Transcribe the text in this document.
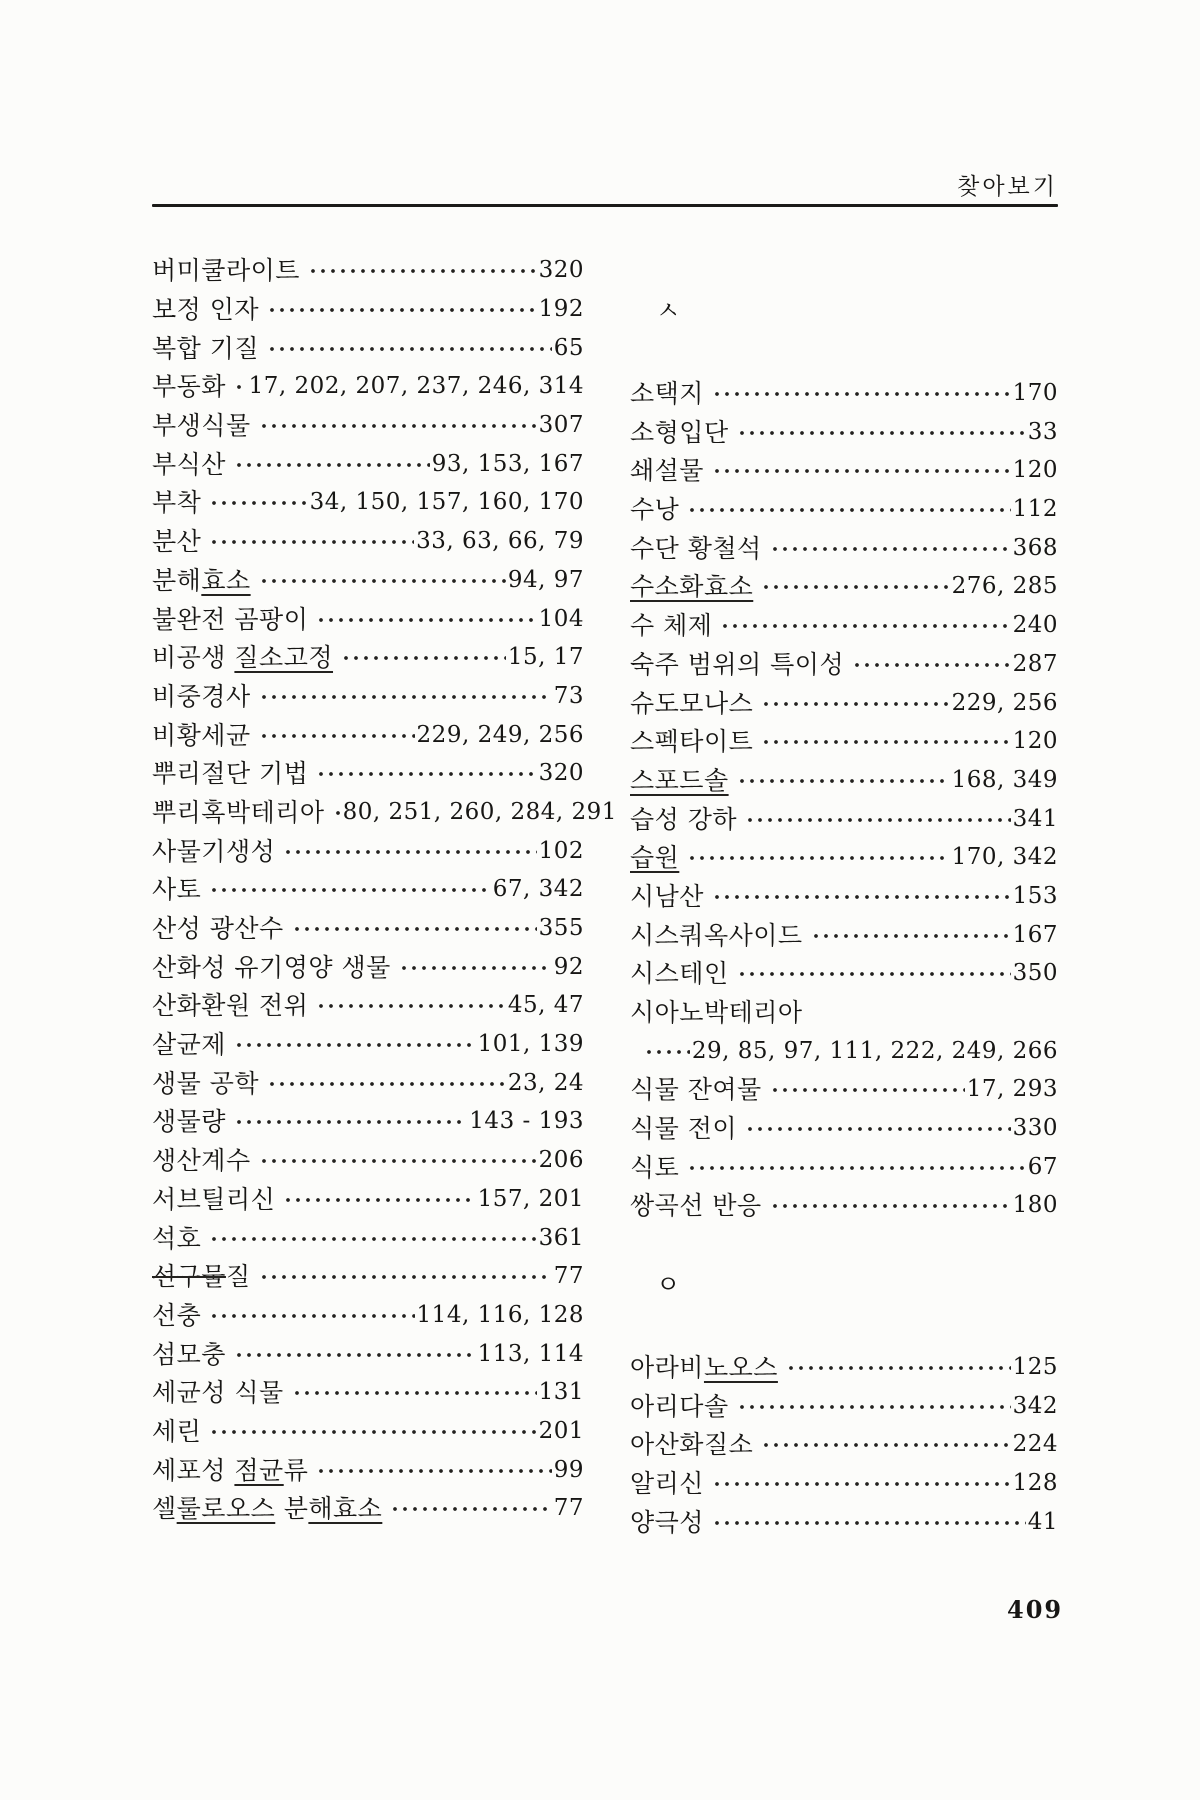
찾아보기
버미쿨라이트	320
보정 인자	192
복합 기질	65
부동화 17, 202, 207, 237, 246, 314
부생식물	307
부식산	93, 153, 167
부착	34, 150, 157, 160, 170
분산	33, 63, 66, 79
분해효소	94, 97
불완전 곰팡이	104
비공생 질소고정	15, 17
비중경사	73
비황세균	229, 249, 256
뿌리절단 기법	320
뿌리혹박테리아 80, 251, 260, 284, 291
사물기생성	102
사토	67, 342
산성 광산수	355
산화성 유기영양 생물	92
산화환원 전위	45, 47
살균제	101, 139
생물 공학	23, 24
생물량	143 - 193
생산계수	206
서브틸리신	157, 201
석호	361
선구물질	77
선충	114, 116, 128
섬모충	113, 114
세균성 식물	131
세린	201
세포성 점균류	99
셀룰로오스 분해효소	77
ㅅ
소택지	170
소형입단	33
쇄설물	120
수낭	112
수단 황철석	368
수소화효소	276, 285
수 체제	240
숙주 범위의 특이성	287
슈도모나스	229, 256
스펙타이트	120
스포드솔	168, 349
습성 강하	341
습원	170, 342
시남산	153
시스쿼옥사이드	167
시스테인	350
시아노박테리아
29, 85, 97, 111, 222, 249, 266
식물 잔여물	17, 293
식물 전이	330
식토	67
쌍곡선 반응	180
ㅇ
아라비노오스	125
아리다솔	342
아산화질소	224
알리신	128
양극성	41
409
